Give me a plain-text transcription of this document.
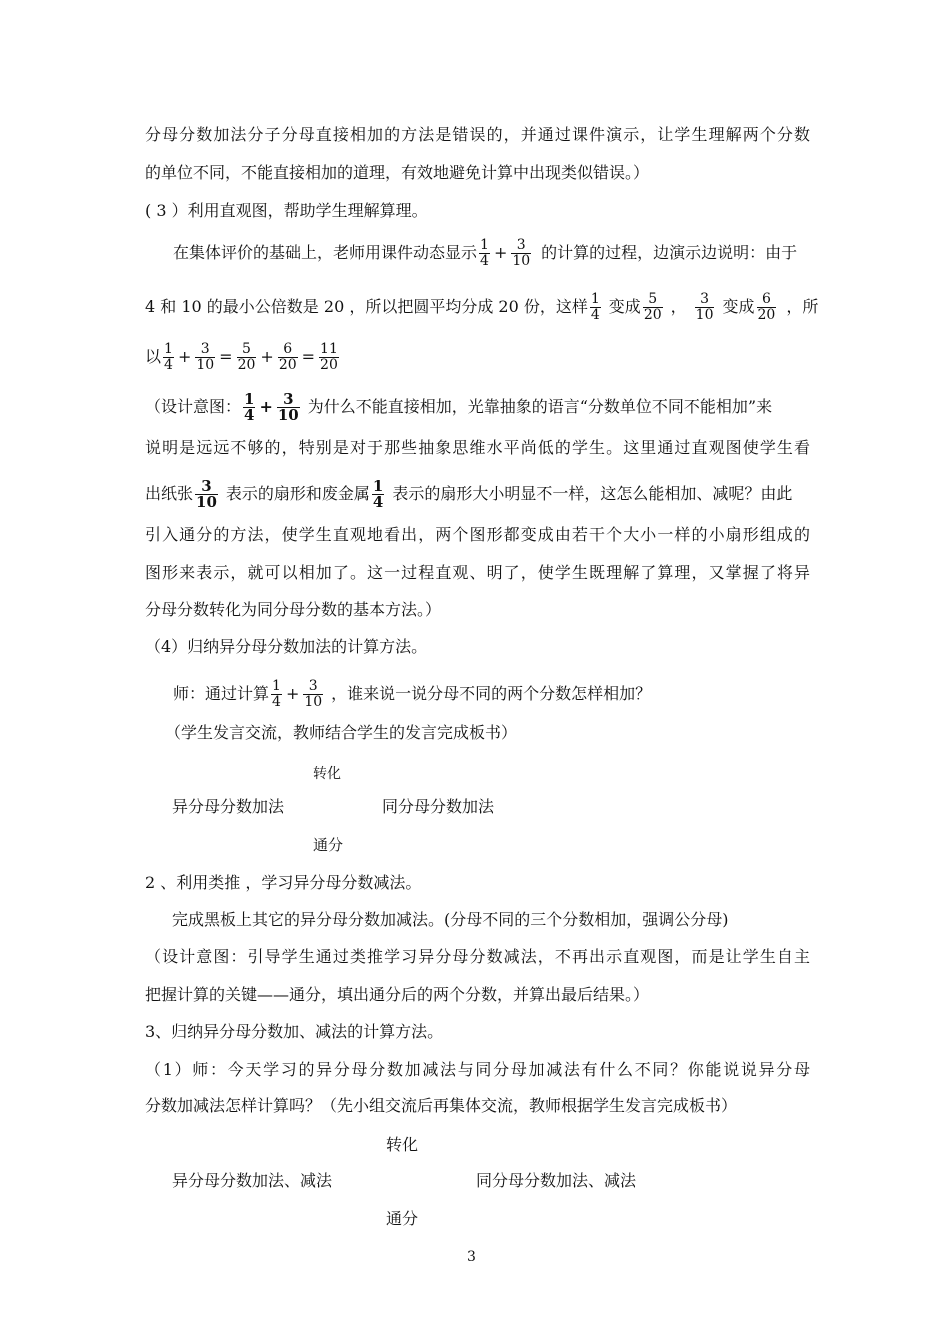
分母分数加法分子分母直接相加的方法是错误的，并通过课件演示，让学生理解两个分数
的单位不同，不能直接相加的道理，有效地避免计算中出现类似错误。）
( 3 ）利用直观图，帮助学生理解算理。
在集体评价的基础上，老师用课件动态显示 $\frac{1}{4} + \frac{3}{10}$ 的计算的过程，边演示边说明：由于
4 和 10 的最小公倍数是 20 ，所以把圆平均分成 20 份，这样 $\frac{1}{4}$ 变成 $\frac{5}{20}$ ， $\frac{3}{10}$ 变成 $\frac{6}{20}$ ，所
以 $\frac{1}{4} + \frac{3}{10} = \frac{5}{20} + \frac{6}{20} = \frac{11}{20}$
（设计意图： $\frac{1}{4} + \frac{3}{10}$ 为什么不能直接相加，光靠抽象的语言“分数单位不同不能相加”来
说明是远远不够的，特别是对于那些抽象思维水平尚低的学生。这里通过直观图使学生看
出纸张 $\frac{3}{10}$ 表示的扇形和废金属 $\frac{1}{4}$ 表示的扇形大小明显不一样，这怎么能相加、减呢？由此
引入通分的方法，使学生直观地看出，两个图形都变成由若干个大小一样的小扇形组成的
图形来表示，就可以相加了。这一过程直观、明了，使学生既理解了算理，又掌握了将异
分母分数转化为同分母分数的基本方法。）
（4）归纳异分母分数加法的计算方法。
师：通过计算 $\frac{1}{4} + \frac{3}{10}$ ，谁来说一说分母不同的两个分数怎样相加？
（学生发言交流，教师结合学生的发言完成板书）
转化
异分母分数加法	同分母分数加法
通分
2 、利用类推 ，学习异分母分数减法。
完成黑板上其它的异分母分数加减法。(分母不同的三个分数相加，强调公分母)
（设计意图：引导学生通过类推学习异分母分数减法，不再出示直观图，而是让学生自主
把握计算的关键——通分，填出通分后的两个分数，并算出最后结果。）
3、归纳异分母分数加、减法的计算方法。
（1）师：今天学习的异分母分数加减法与同分母加减法有什么不同？你能说说异分母
分数加减法怎样计算吗？（先小组交流后再集体交流，教师根据学生发言完成板书）
转化
异分母分数加法、减法	同分母分数加法、减法
通分
3
